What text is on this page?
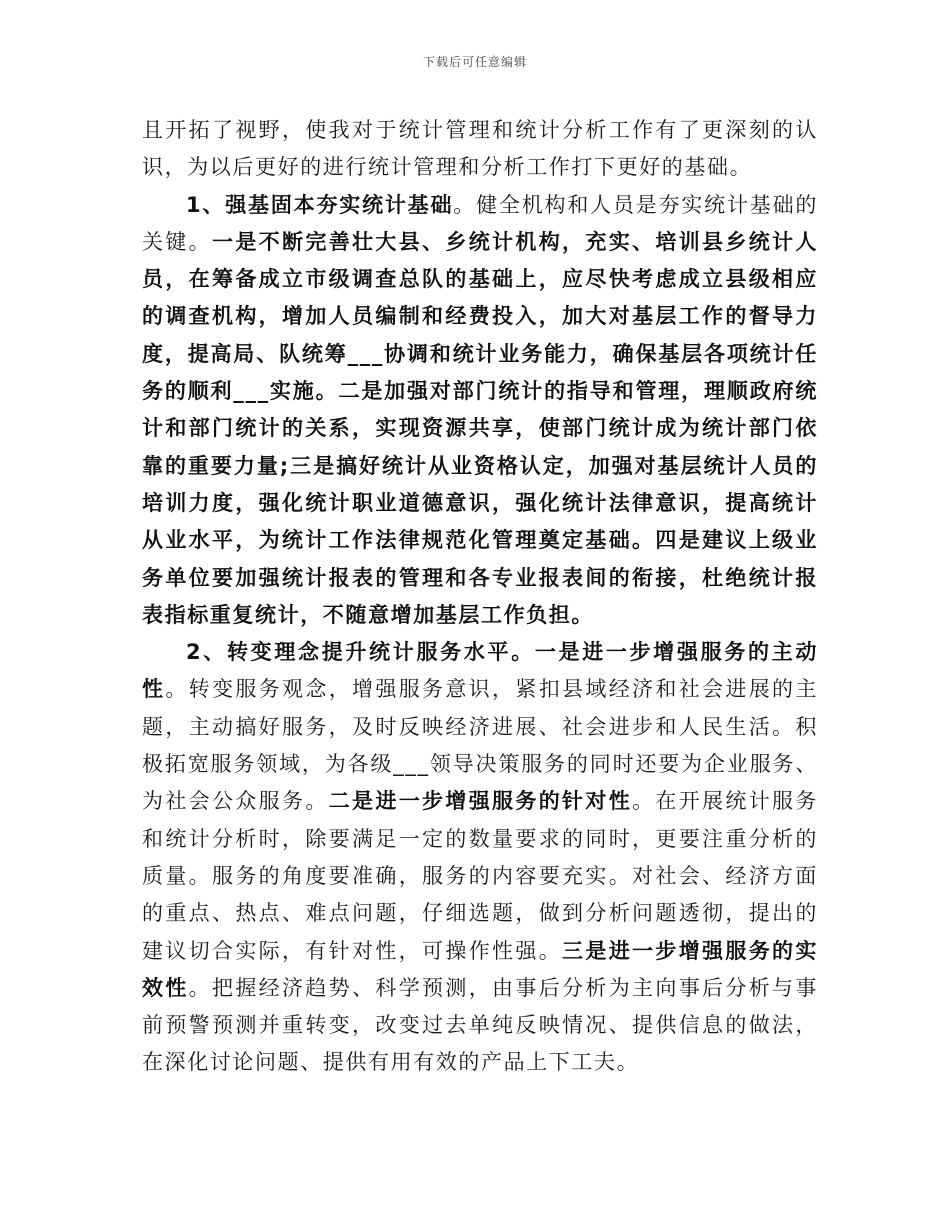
下载后可任意编辑

且开拓了视野，使我对于统计管理和统计分析工作有了更深刻的认识，为以后更好的进行统计管理和分析工作打下更好的基础。

1、强基固本夯实统计基础。健全机构和人员是夯实统计基础的关键。一是不断完善壮大县、乡统计机构，充实、培训县乡统计人员，在筹备成立市级调查总队的基础上，应尽快考虑成立县级相应的调查机构，增加人员编制和经费投入，加大对基层工作的督导力度，提高局、队统筹___协调和统计业务能力，确保基层各项统计任务的顺利___实施。二是加强对部门统计的指导和管理，理顺政府统计和部门统计的关系，实现资源共享，使部门统计成为统计部门依靠的重要力量;三是搞好统计从业资格认定，加强对基层统计人员的培训力度，强化统计职业道德意识，强化统计法律意识，提高统计从业水平，为统计工作法律规范化管理奠定基础。四是建议上级业务单位要加强统计报表的管理和各专业报表间的衔接，杜绝统计报表指标重复统计，不随意增加基层工作负担。

2、转变理念提升统计服务水平。一是进一步增强服务的主动性。转变服务观念，增强服务意识，紧扣县域经济和社会进展的主题，主动搞好服务，及时反映经济进展、社会进步和人民生活。积极拓宽服务领域，为各级___领导决策服务的同时还要为企业服务、为社会公众服务。二是进一步增强服务的针对性。在开展统计服务和统计分析时，除要满足一定的数量要求的同时，更要注重分析的质量。服务的角度要准确，服务的内容要充实。对社会、经济方面的重点、热点、难点问题，仔细选题，做到分析问题透彻，提出的建议切合实际，有针对性，可操作性强。三是进一步增强服务的实效性。把握经济趋势、科学预测，由事后分析为主向事后分析与事前预警预测并重转变，改变过去单纯反映情况、提供信息的做法，在深化讨论问题、提供有用有效的产品上下工夫。
